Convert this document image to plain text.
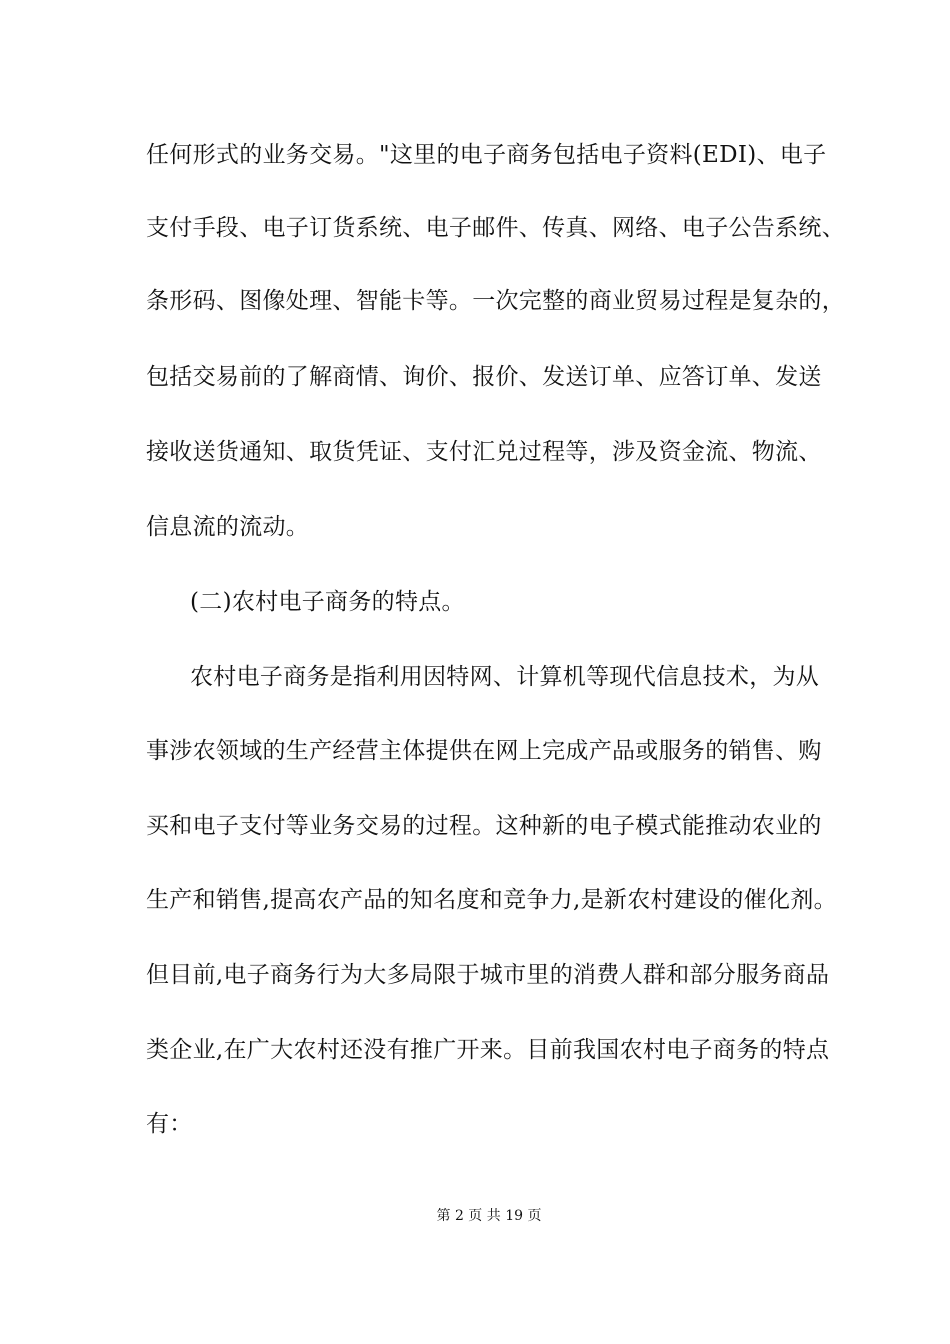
任何形式的业务交易。"这里的电子商务包括电子资料(EDI)、电子
支付手段、电子订货系统、电子邮件、传真、网络、电子公告系统、
条形码、图像处理、智能卡等。一次完整的商业贸易过程是复杂的，
包括交易前的了解商情、询价、报价、发送订单、应答订单、发送
接收送货通知、取货凭证、支付汇兑过程等，涉及资金流、物流、
信息流的流动。
(二)农村电子商务的特点。
农村电子商务是指利用因特网、计算机等现代信息技术，为从
事涉农领域的生产经营主体提供在网上完成产品或服务的销售、购
买和电子支付等业务交易的过程。这种新的电子模式能推动农业的
生产和销售,提高农产品的知名度和竞争力,是新农村建设的催化剂。
但目前,电子商务行为大多局限于城市里的消费人群和部分服务商品
类企业,在广大农村还没有推广开来。目前我国农村电子商务的特点
有：
第 2 页 共 19 页
